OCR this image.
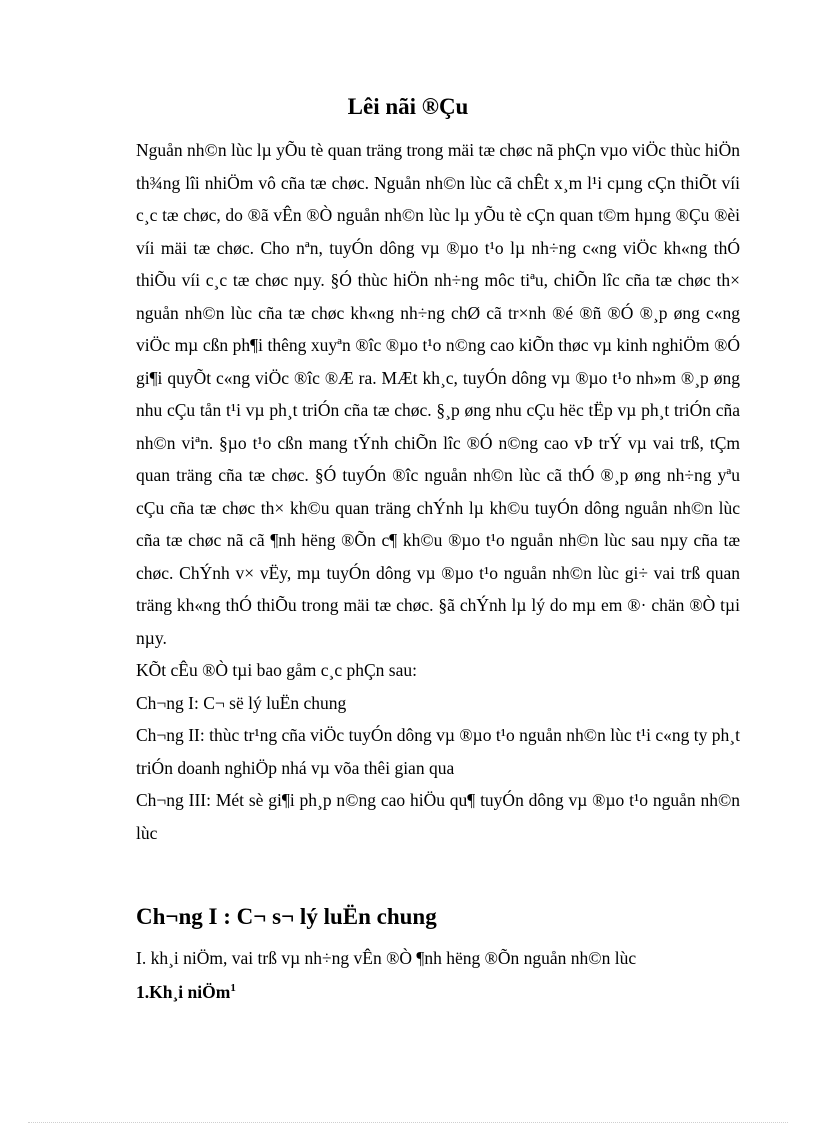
Lêi nãi ®Çu

Nguån nh©n lùc lµ yÕu tè quan träng trong mäi tæ chøc nã phÇn vµo viÖc thùc hiÖn th¾ng lîi nhiÖm vô cña tæ chøc. Nguån nh©n lùc cã chÊt x¸m l¹i cµng cÇn thiÕt víi c¸c tæ chøc, do ®ã vÊn ®Ò nguån nh©n lùc lµ yÕu tè cÇn quan t©m hµng ®Çu ®èi víi mäi tæ chøc. Cho nªn, tuyÓn dông vµ ®µo t¹o lµ nh÷ng c«ng viÖc kh«ng thÓ thiÕu víi c¸c tæ chøc nµy. §Ó thùc hiÖn nh÷ng môc tiªu, chiÕn lîc cña tæ chøc th× nguån nh©n lùc cña tæ chøc kh«ng nh÷ng chØ cã tr×nh ®é ®ñ ®Ó ®¸p øng c«ng viÖc mµ cßn ph¶i thêng xuyªn ®îc ®µo t¹o n©ng cao kiÕn thøc vµ kinh nghiÖm ®Ó gi¶i quyÕt c«ng viÖc ®îc ®Æ ra. MÆt kh¸c, tuyÓn dông vµ ®µo t¹o nh»m ®¸p øng nhu cÇu tån t¹i vµ ph¸t triÓn cña tæ chøc. §¸p øng nhu cÇu hëc tËp vµ ph¸t triÓn cña nh©n viªn. §µo t¹o cßn mang tÝnh chiÕn lîc ®Ó n©ng cao vÞ trÝ vµ vai trß, tÇm quan träng cña tæ chøc. §Ó tuyÓn ®îc nguån nh©n lùc cã thÓ ®¸p øng nh÷ng yªu cÇu cña tæ chøc th× kh©u quan träng chÝnh lµ kh©u tuyÓn dông nguån nh©n lùc cña tæ chøc nã cã ¶nh hëng ®Õn c¶ kh©u ®µo t¹o nguån nh©n lùc sau nµy cña tæ chøc. ChÝnh v× vËy, mµ tuyÓn dông vµ ®µo t¹o nguån nh©n lùc gi÷ vai trß quan träng kh«ng thÓ thiÕu trong mäi tæ chøc. §ã chÝnh lµ lý do mµ em ®· chän ®Ò tµi nµy.

KÕt cÊu ®Ò tµi bao gåm c¸c phÇn sau:

Ch¬ng I: C¬ së lý luËn chung

Ch¬ng II: thùc tr¹ng cña viÖc tuyÓn dông vµ ®µo t¹o nguån nh©n lùc t¹i c«ng ty ph¸t triÓn doanh nghiÖp nhá vµ võa thêi gian qua

Ch¬ng III: Mét sè gi¶i ph¸p n©ng cao hiÖu qu¶ tuyÓn dông vµ ®µo t¹o nguån nh©n lùc

Ch¬ng I : C¬ s¬ lý luËn chung
I. kh¸i niÖm, vai trß vµ nh÷ng vÊn ®Ò ¶nh hëng ®Õn nguån nh©n lùc
1.Kh¸i niÖm$^1$
